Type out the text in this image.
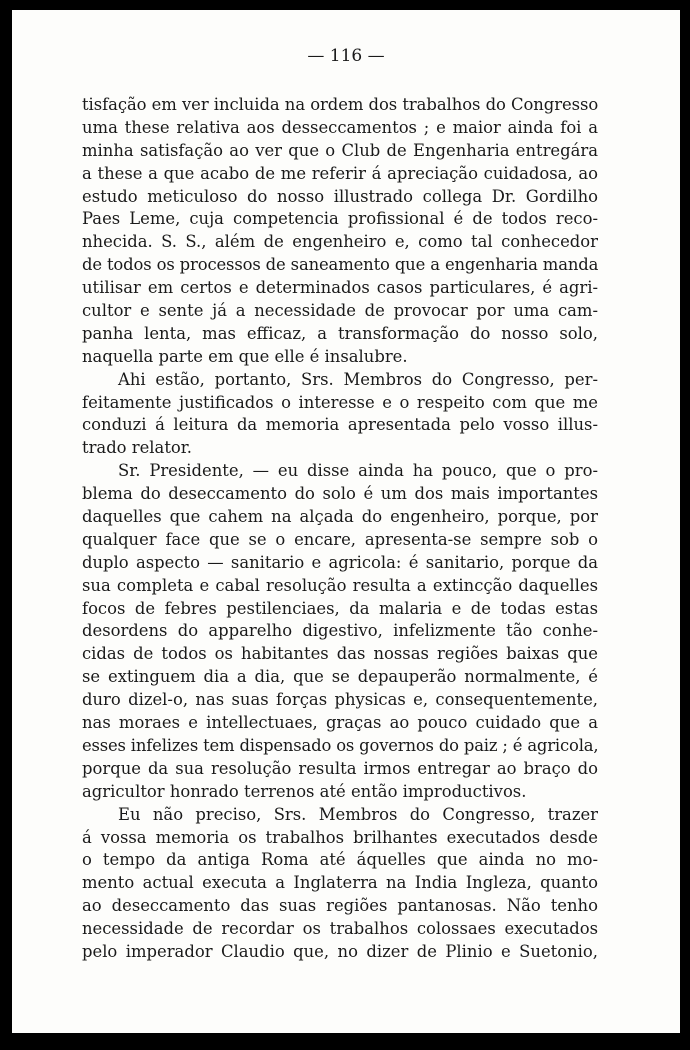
— 116 —
tisfação em ver incluida na ordem dos trabalhos do Congresso
uma these relativa aos desseccamentos ; e maior ainda foi a
minha satisfação ao ver que o Club de Engenharia entregára
a these a que acabo de me referir á apreciação cuidadosa, ao
estudo meticuloso do nosso illustrado collega Dr. Gordilho
Paes Leme, cuja competencia profissional é de todos reco-
nhecida. S. S., além de engenheiro e, como tal conhecedor
de todos os processos de saneamento que a engenharia manda
utilisar em certos e determinados casos particulares, é agri-
cultor e sente já a necessidade de provocar por uma cam-
panha lenta, mas efficaz, a transformação do nosso solo,
naquella parte em que elle é insalubre.
Ahi estão, portanto, Srs. Membros do Congresso, per-
feitamente justificados o interesse e o respeito com que me
conduzi á leitura da memoria apresentada pelo vosso illus-
trado relator.
Sr. Presidente, — eu disse ainda ha pouco, que o pro-
blema do deseccamento do solo é um dos mais importantes
daquelles que cahem na alçada do engenheiro, porque, por
qualquer face que se o encare, apresenta-se sempre sob o
duplo aspecto — sanitario e agricola: é sanitario, porque da
sua completa e cabal resolução resulta a extincção daquelles
focos de febres pestilenciaes, da malaria e de todas estas
desordens do apparelho digestivo, infelizmente tão conhe-
cidas de todos os habitantes das nossas regiões baixas que
se extinguem dia a dia, que se depauperão normalmente, é
duro dizel-o, nas suas forças physicas e, consequentemente,
nas moraes e intellectuaes, graças ao pouco cuidado que a
esses infelizes tem dispensado os governos do paiz ; é agricola,
porque da sua resolução resulta irmos entregar ao braço do
agricultor honrado terrenos até então improductivos.
Eu não preciso, Srs. Membros do Congresso, trazer
á vossa memoria os trabalhos brilhantes executados desde
o tempo da antiga Roma até áquelles que ainda no mo-
mento actual executa a Inglaterra na India Ingleza, quanto
ao deseccamento das suas regiões pantanosas. Não tenho
necessidade de recordar os trabalhos colossaes executados
pelo imperador Claudio que, no dizer de Plinio e Suetonio,
